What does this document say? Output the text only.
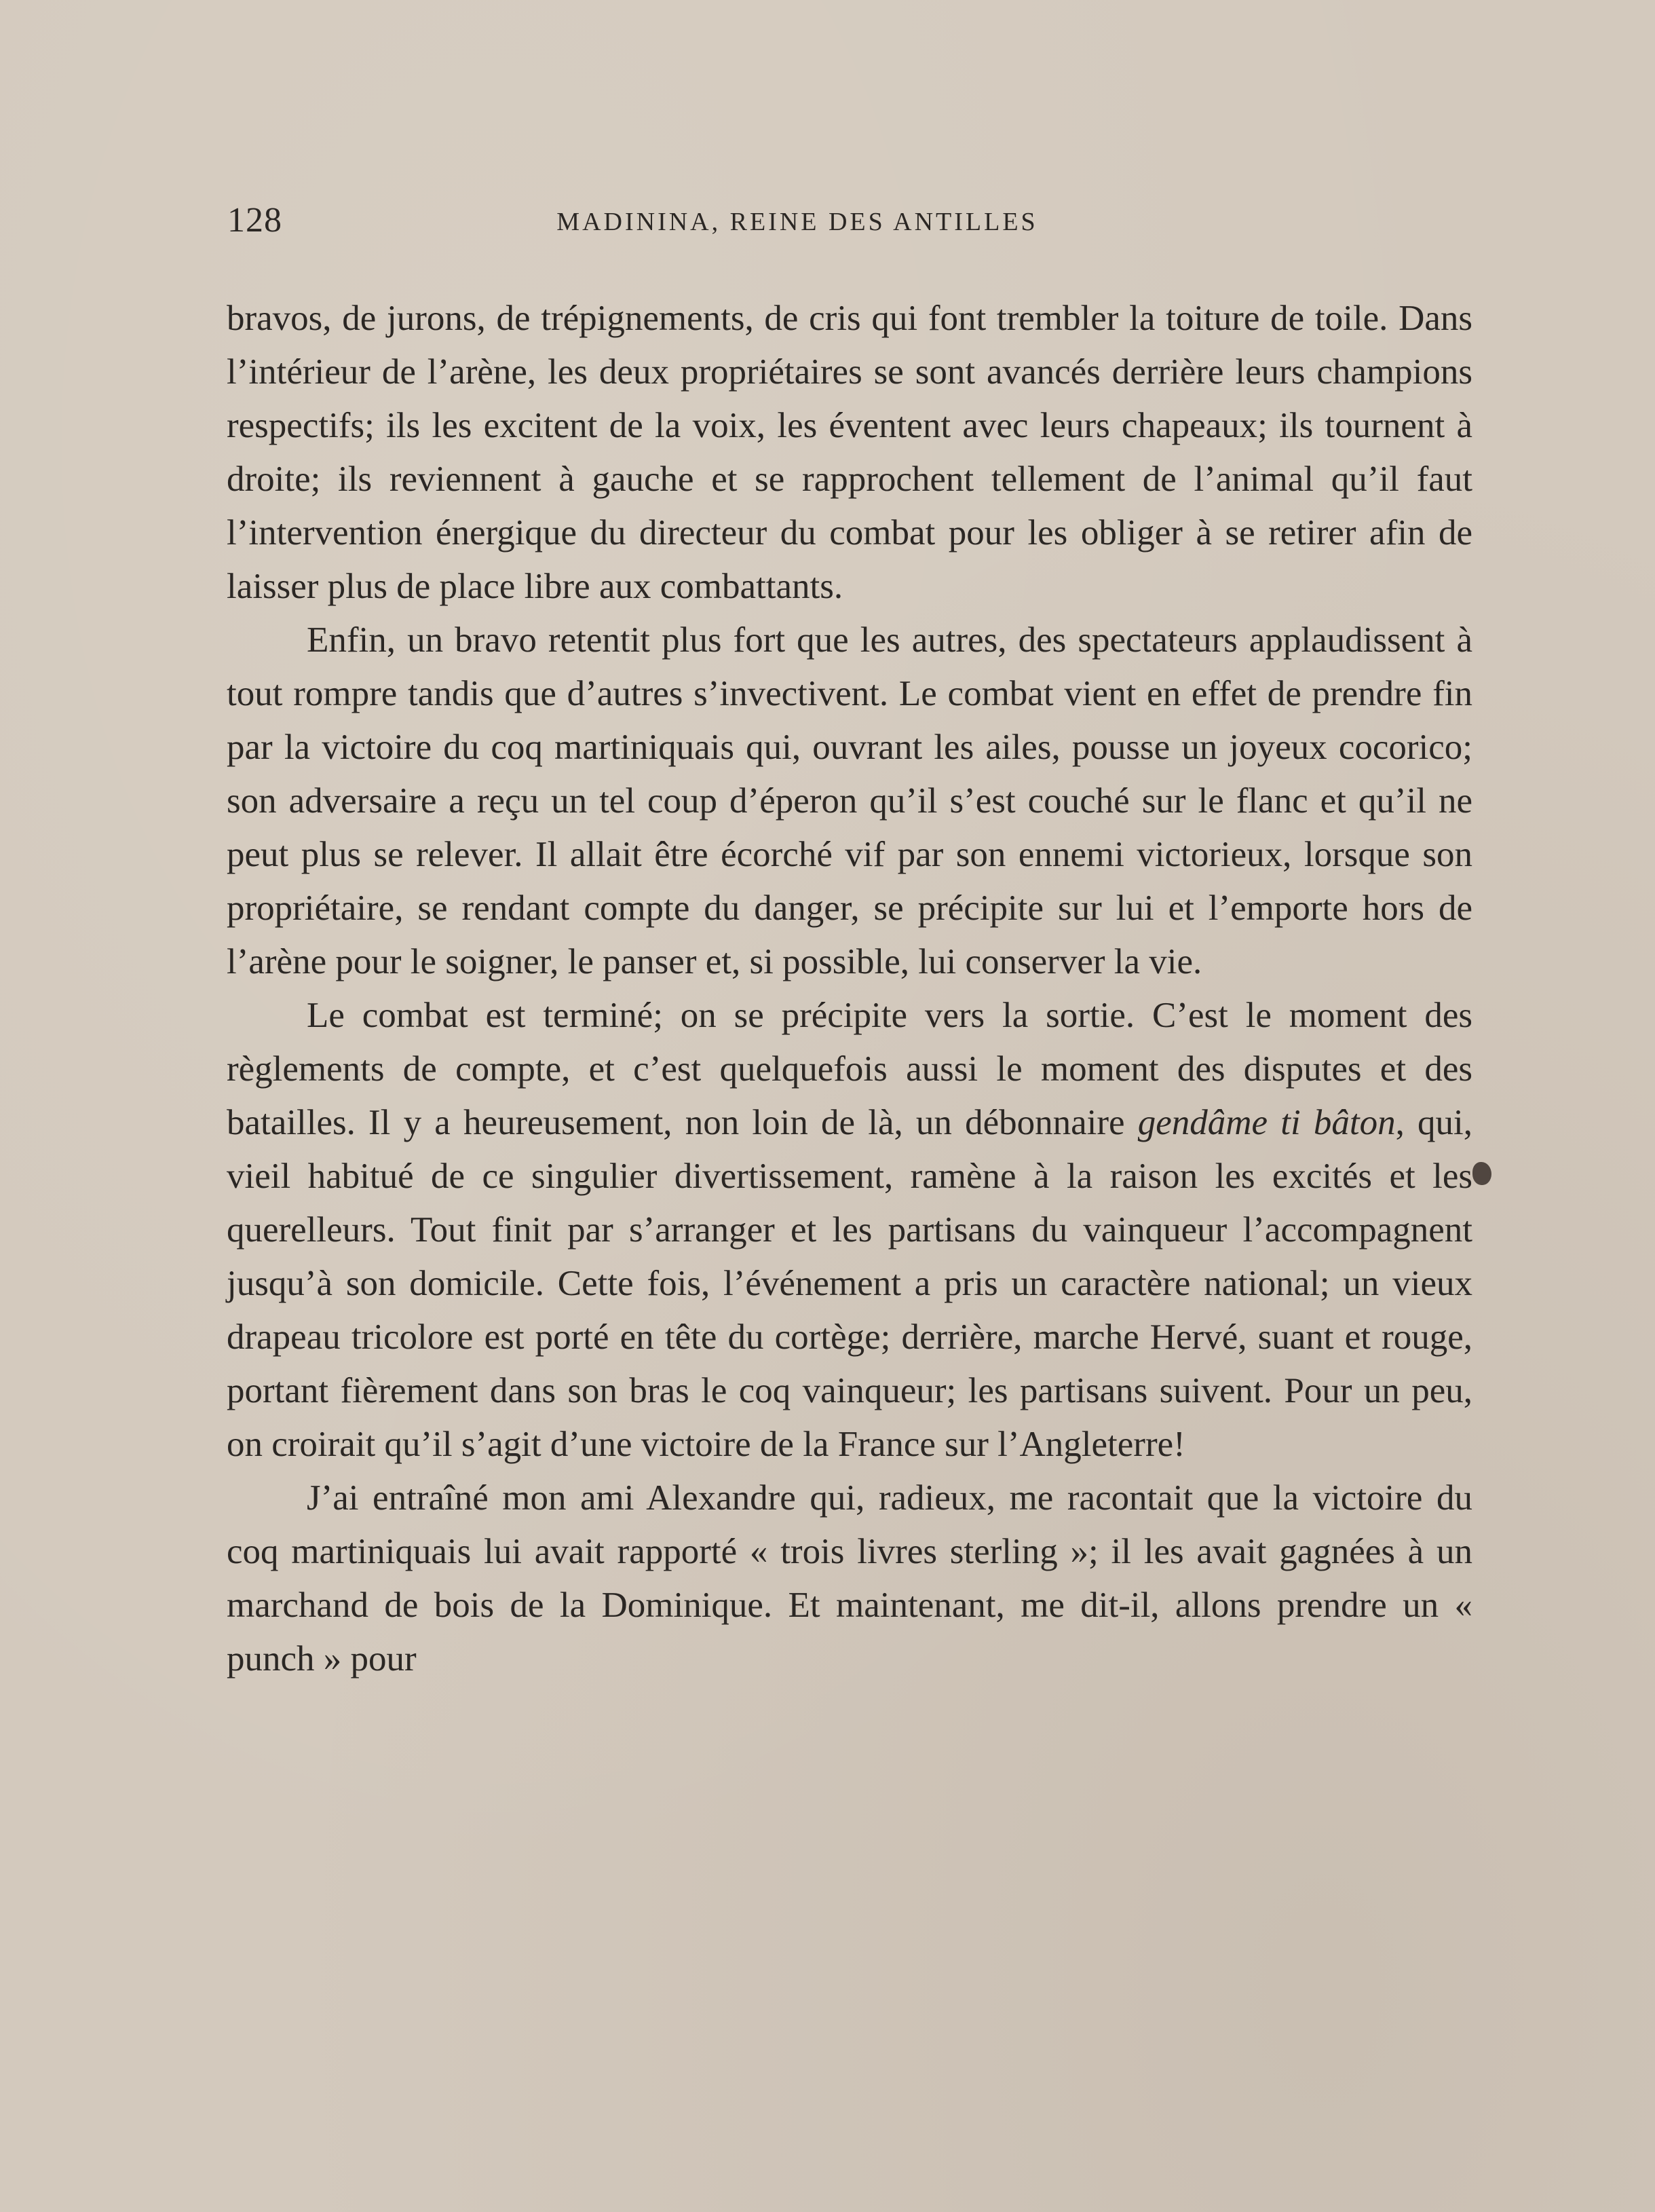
128	MADININA, REINE DES ANTILLES

bravos, de jurons, de trépignements, de cris qui font trembler la toiture de toile. Dans l’intérieur de l’arène, les deux propriétaires se sont avancés derrière leurs champions respectifs; ils les excitent de la voix, les éventent avec leurs chapeaux; ils tournent à droite; ils reviennent à gauche et se rapprochent tellement de l’animal qu’il faut l’intervention énergique du directeur du combat pour les obliger à se retirer afin de laisser plus de place libre aux combattants.

Enfin, un bravo retentit plus fort que les autres, des spectateurs applaudissent à tout rompre tandis que d’autres s’invectivent. Le combat vient en effet de prendre fin par la victoire du coq martiniquais qui, ouvrant les ailes, pousse un joyeux cocorico; son adversaire a reçu un tel coup d’éperon qu’il s’est couché sur le flanc et qu’il ne peut plus se relever. Il allait être écorché vif par son ennemi victorieux, lorsque son propriétaire, se rendant compte du danger, se précipite sur lui et l’emporte hors de l’arène pour le soigner, le panser et, si possible, lui conserver la vie.

Le combat est terminé; on se précipite vers la sortie. C’est le moment des règlements de compte, et c’est quelquefois aussi le moment des disputes et des batailles. Il y a heureusement, non loin de là, un débonnaire gendâme ti bâton, qui, vieil habitué de ce singulier divertissement, ramène à la raison les excités et les querelleurs. Tout finit par s’arranger et les partisans du vainqueur l’accompagnent jusqu’à son domicile. Cette fois, l’événement a pris un caractère national; un vieux drapeau tricolore est porté en tête du cortège; derrière, marche Hervé, suant et rouge, portant fièrement dans son bras le coq vainqueur; les partisans suivent. Pour un peu, on croirait qu’il s’agit d’une victoire de la France sur l’Angleterre!

J’ai entraîné mon ami Alexandre qui, radieux, me racontait que la victoire du coq martiniquais lui avait rapporté « trois livres sterling »; il les avait gagnées à un marchand de bois de la Dominique. Et maintenant, me dit-il, allons prendre un « punch » pour
